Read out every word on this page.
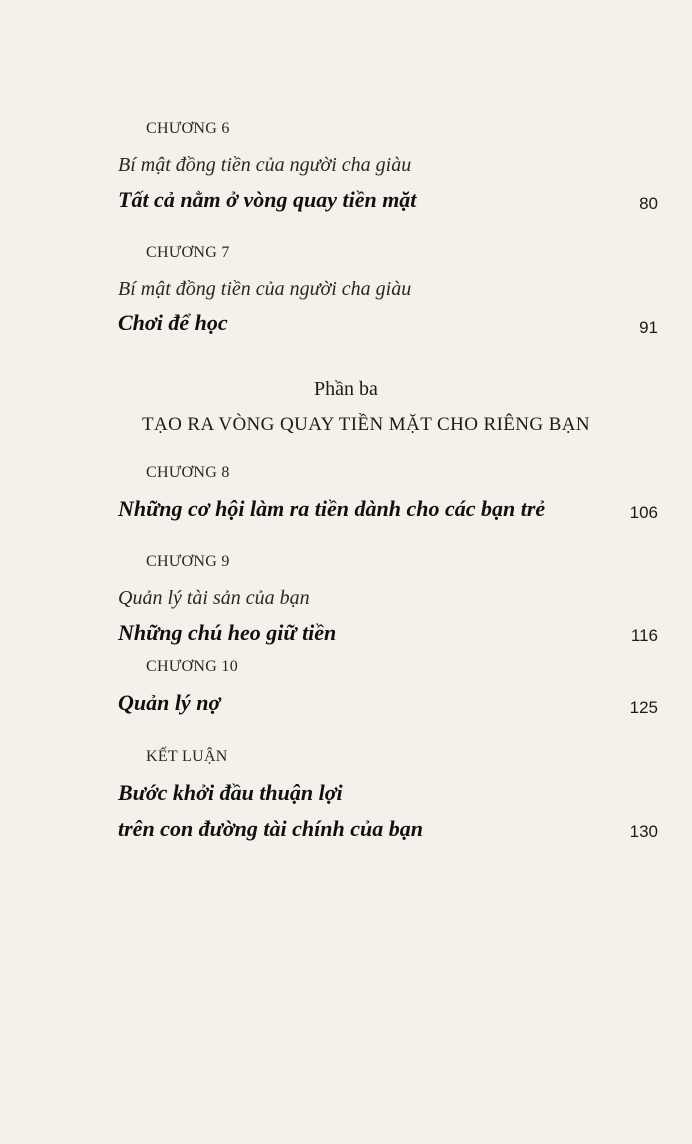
CHƯƠNG 6
Bí mật đồng tiền của người cha giàu
Tất cả nằm ở vòng quay tiền mặt	80
CHƯƠNG 7
Bí mật đồng tiền của người cha giàu
Chơi để học	91
Phần ba
TẠO RA VÒNG QUAY TIỀN MẶT CHO RIÊNG BẠN
CHƯƠNG 8
Những cơ hội làm ra tiền dành cho các bạn trẻ	106
CHƯƠNG 9
Quản lý tài sản của bạn
Những chú heo giữ tiền	116
CHƯƠNG 10
Quản lý nợ	125
KẾT LUẬN
Bước khởi đầu thuận lợi
trên con đường tài chính của bạn	130
